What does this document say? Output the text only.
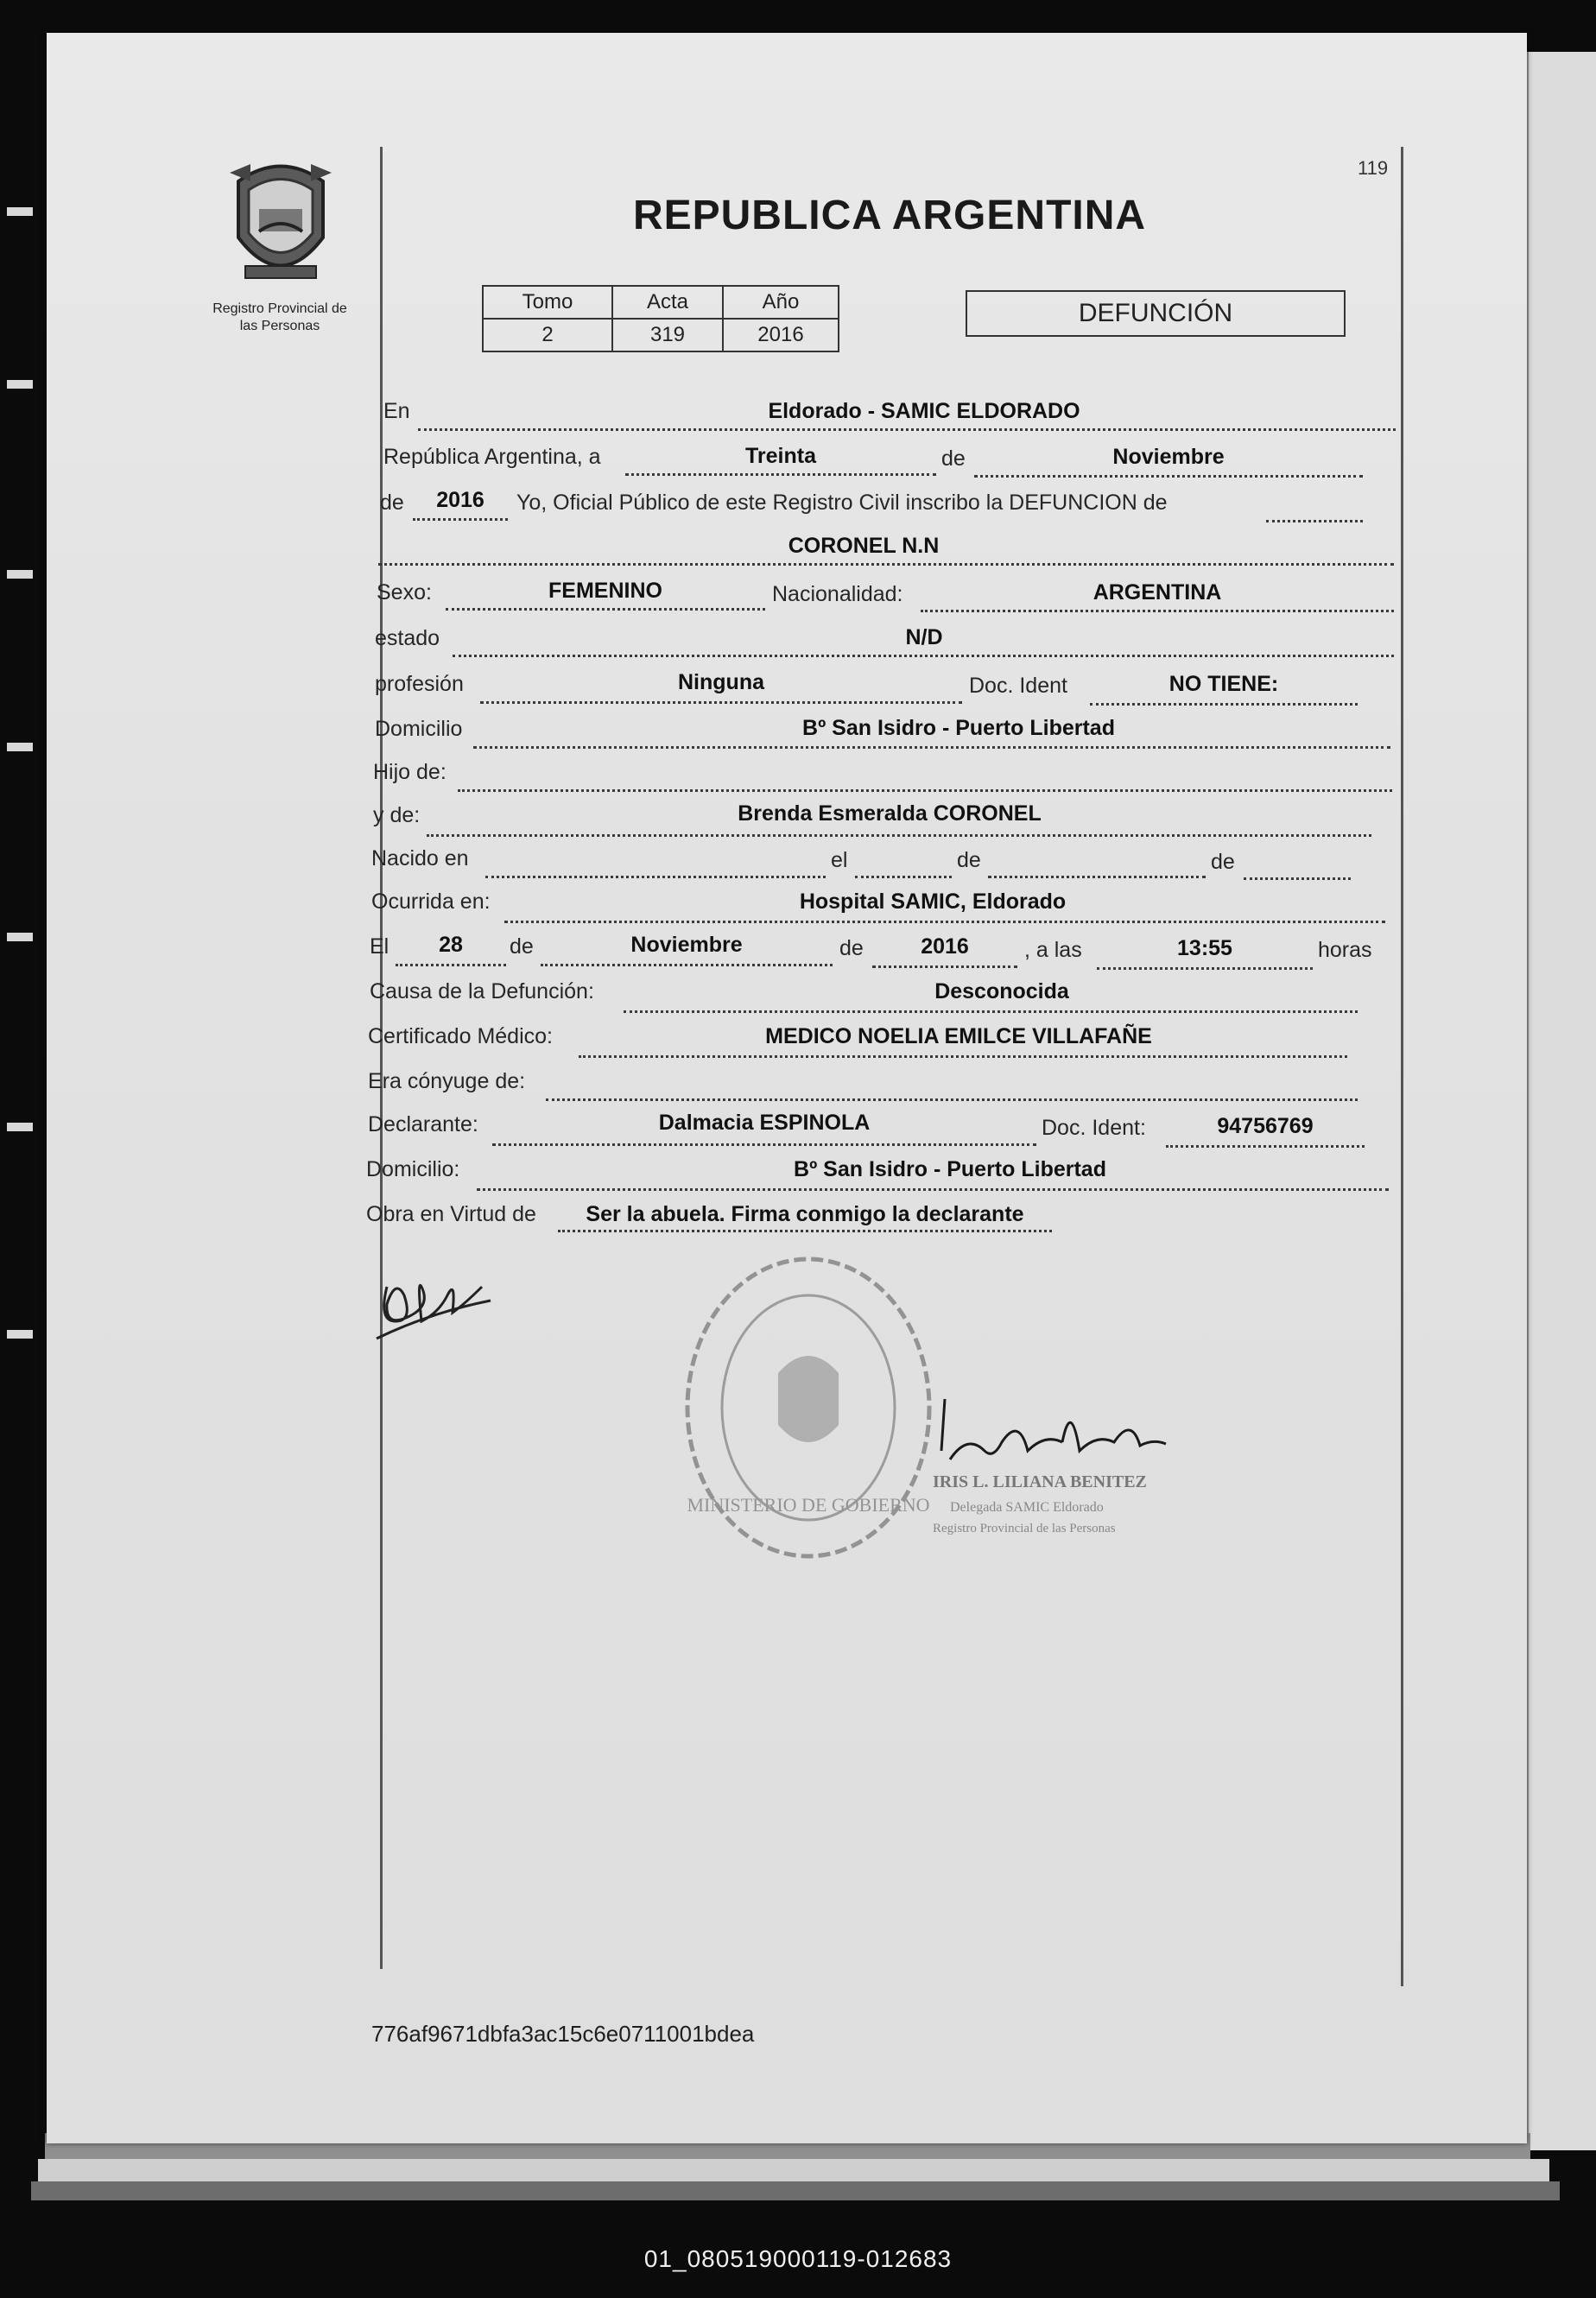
Registro Provincial de
las Personas
119
REPUBLICA ARGENTINA
Tomo	Acta	Año
2	319	2016
DEFUNCIÓN
En	Eldorado - SAMIC ELDORADO
República Argentina, a	Treinta	de	Noviembre
de	2016	Yo, Oficial Público de este Registro Civil inscribo la DEFUNCION de
CORONEL N.N
Sexo:	FEMENINO	Nacionalidad:	ARGENTINA
estado	N/D
profesión	Ninguna	Doc. Ident	NO TIENE:
Domicilio	Bº San Isidro - Puerto Libertad
Hijo de:
y de:	Brenda Esmeralda CORONEL
Nacido en	el	de	de
Ocurrida en:	Hospital SAMIC, Eldorado
El	28	de	Noviembre	de	2016	, a las	13:55	horas
Causa de la Defunción:	Desconocida
Certificado Médico:	MEDICO NOELIA EMILCE VILLAFAÑE
Era cónyuge de:
Declarante:	Dalmacia ESPINOLA	Doc. Ident:	94756769
Domicilio:	Bº San Isidro - Puerto Libertad
Obra en Virtud de	Ser la abuela. Firma conmigo la declarante
MINISTERIO DE GOBIERNO
IRIS L. LILIANA BENITEZ
Delegada SAMIC Eldorado
Registro Provincial de las Personas
776af9671dbfa3ac15c6e0711001bdea
01_080519000119-012683
